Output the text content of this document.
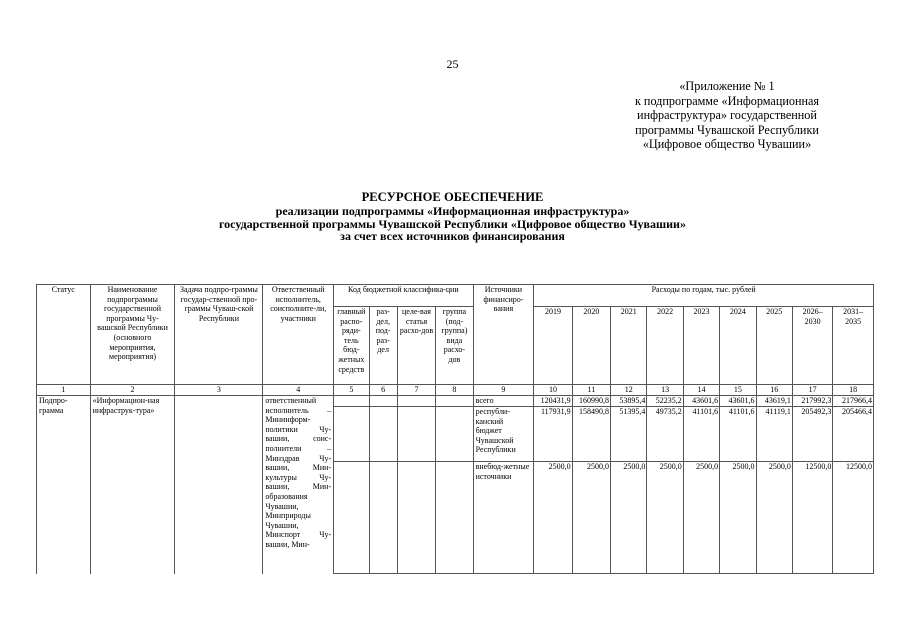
25
«Приложение № 1
к подпрограмме «Информационная
инфраструктура» государственной
программы Чувашской Республики
«Цифровое общество Чувашии»
РЕСУРСНОЕ ОБЕСПЕЧЕНИЕ
реализации подпрограммы «Информационная инфраструктура»
государственной программы Чувашской Республики «Цифровое общество Чувашии»
за счет всех источников финансирования
Статус	Наименование подпрограммы государственной программы Чу-вашской Республики (основного мероприятия, мероприятия)	Задача подпро-граммы государ-ственной про-граммы Чуваш-ской Республики	Ответственный исполнитель, соисполните-ли, участники	Код бюджетной классифика-ции				Источники финансиро-вания	Расходы по годам, тыс. рублей								
				главный распо-ряди-тель бюд-жетных средств	раз-дел, под-раз-дел	целе-вая статья расхо-дов	группа (под-группа) вида расхо-дов		2019	2020	2021	2022	2023	2024	2025	2026–2030	2031–2035
1	2	3	4	5	6	7	8	9	10	11	12	13	14	15	16	17	18
Подпро-грамма	«Информацион-ная инфраструк-тура»		ответственный исполнитель – Мининформ-политики Чу-вашии, соис-полнители – Минздрав Чу-вашии, Мин-культуры Чу-вашии, Мин-образования Чувашии, Минприроды Чувашии, Минспорт Чу-вашии, Мин-					всего	120431,9	160990,8	53895,4	52235,2	43601,6	43601,6	43619,1	217992,3	217966,4
								республи-канский бюджет Чувашской Республики	117931,9	158490,8	51395,4	49735,2	41101,6	41101,6	41119,1	205492,3	205466,4
								внебюд-жетные источники	2500,0	2500,0	2500,0	2500,0	2500,0	2500,0	2500,0	12500,0	12500,0
